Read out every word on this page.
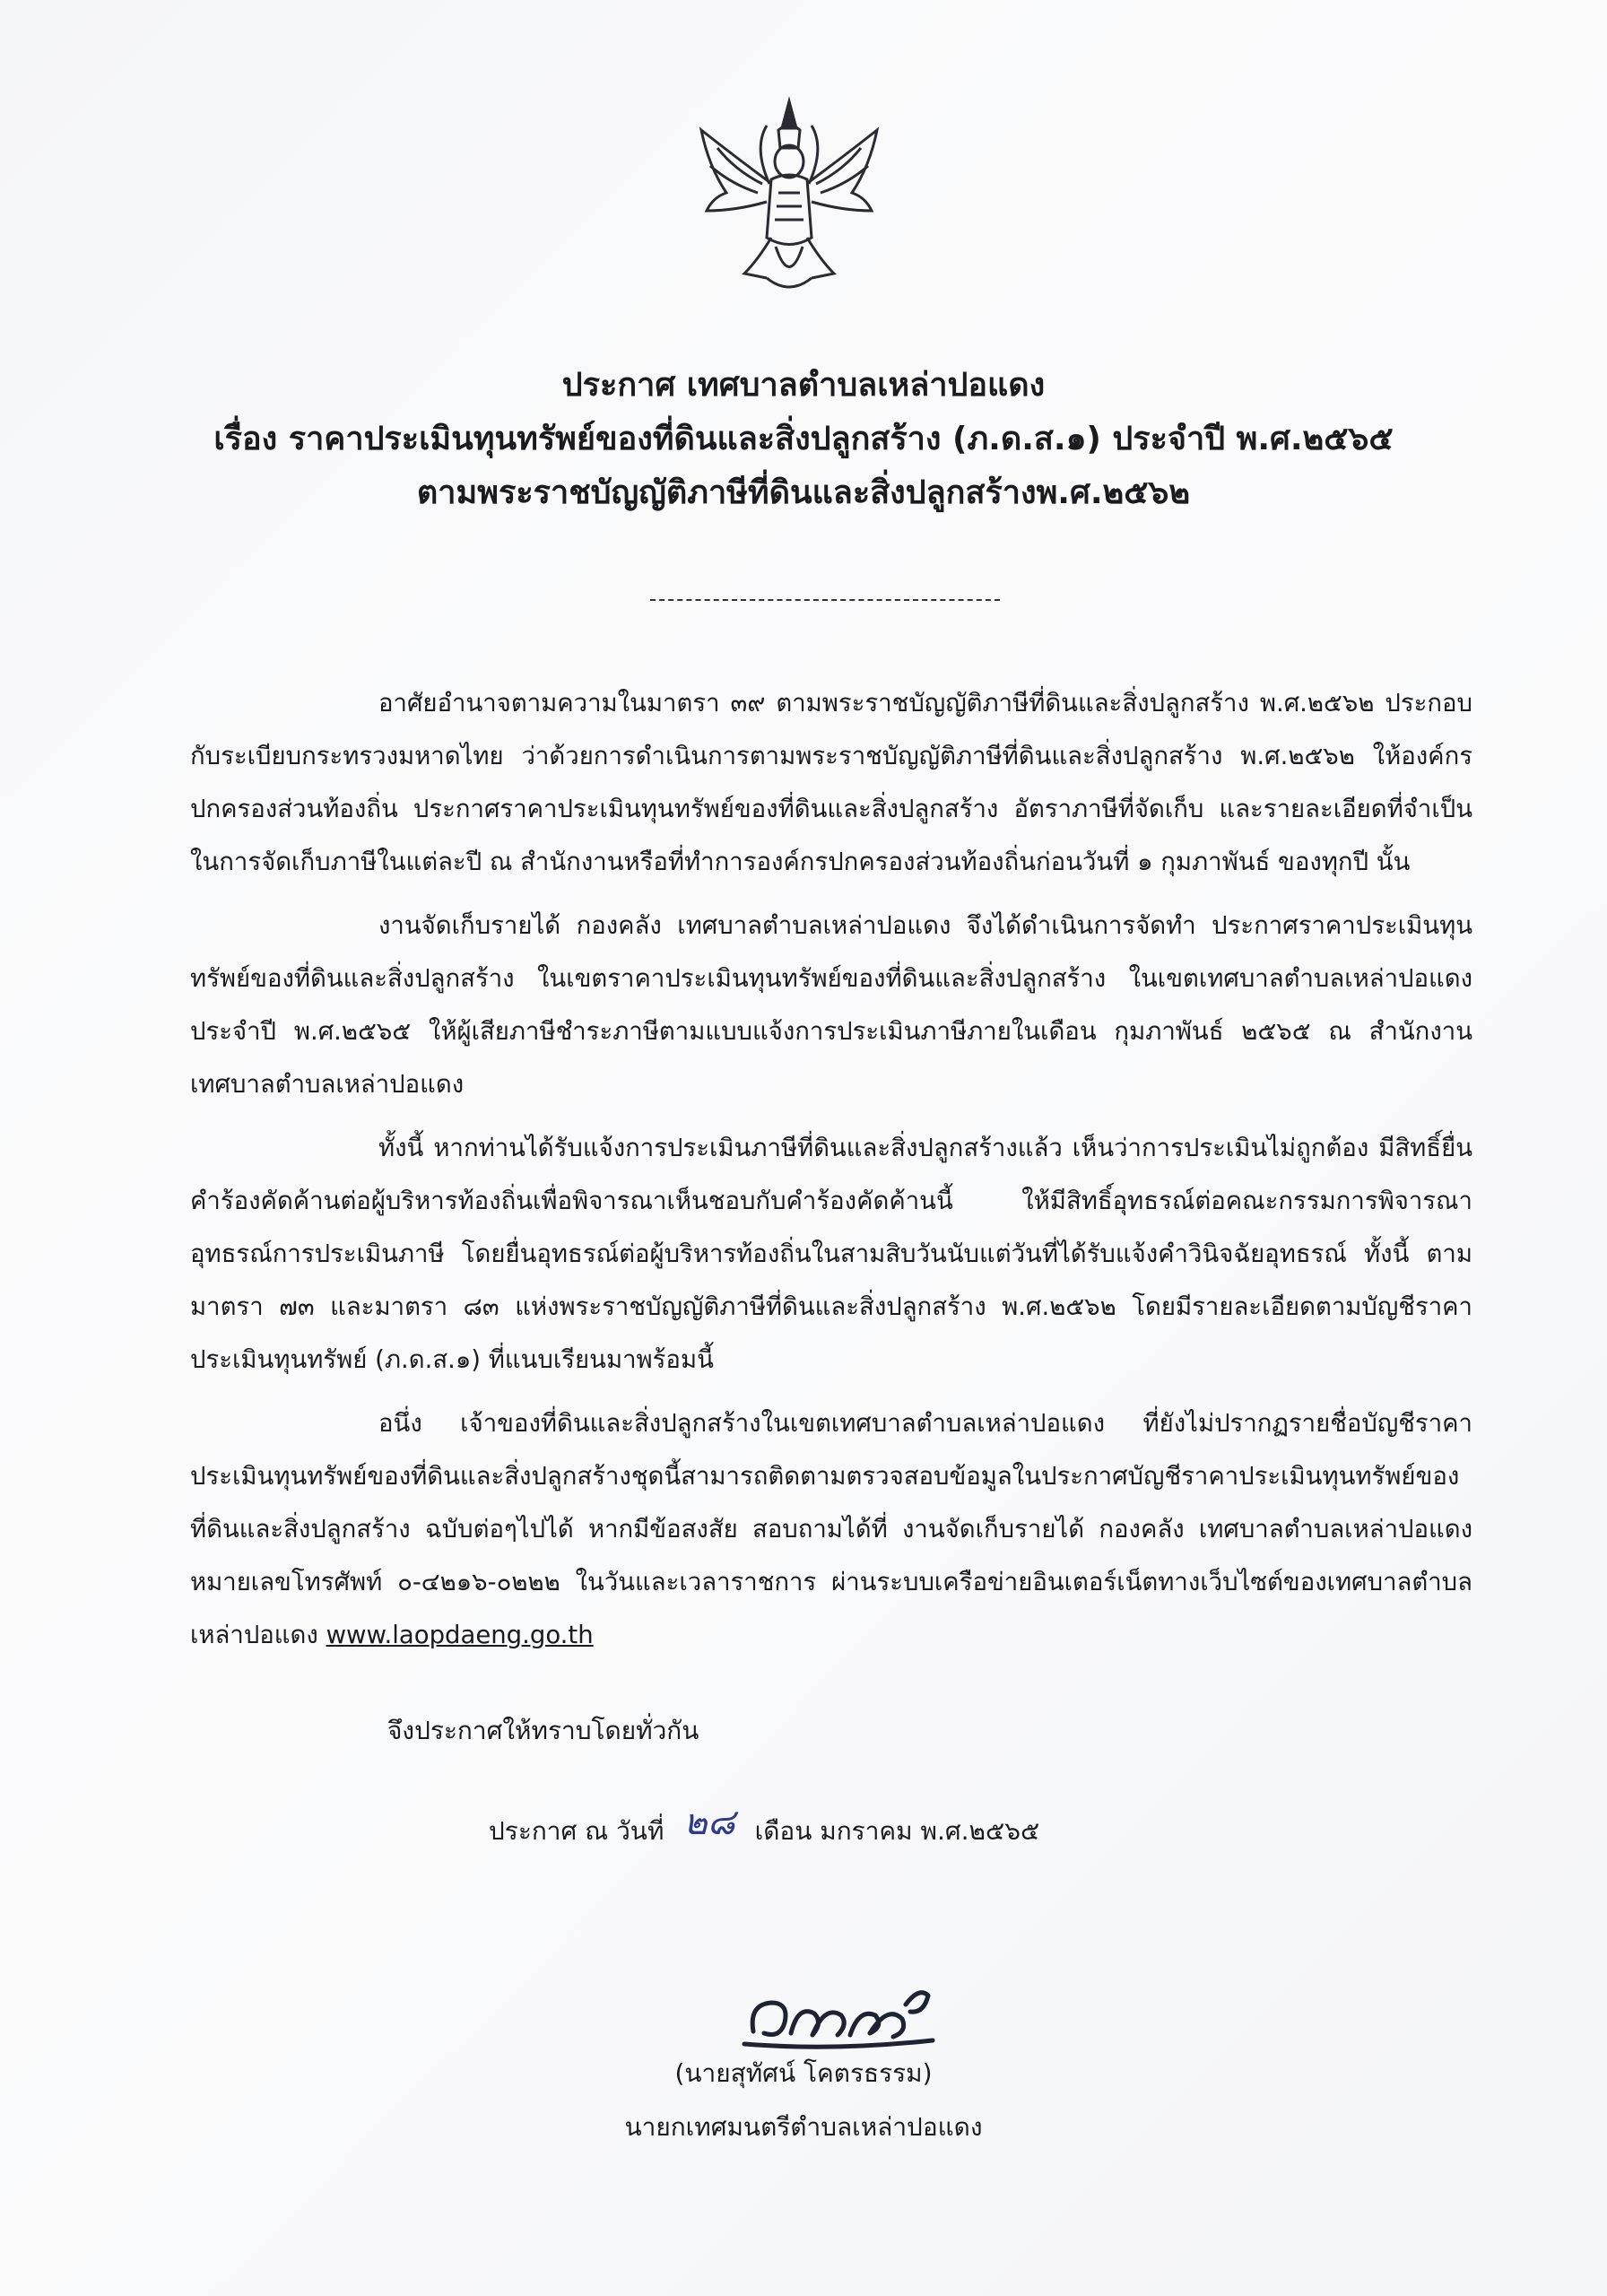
ประกาศ เทศบาลตำบลเหล่าปอแดง
เรื่อง ราคาประเมินทุนทรัพย์ของที่ดินและสิ่งปลูกสร้าง (ภ.ด.ส.๑) ประจำปี พ.ศ.๒๕๖๕
ตามพระราชบัญญัติภาษีที่ดินและสิ่งปลูกสร้างพ.ศ.๒๕๖๒

อาศัยอำนาจตามความในมาตรา ๓๙ ตามพระราชบัญญัติภาษีที่ดินและสิ่งปลูกสร้าง พ.ศ.๒๕๖๒ ประกอบกับระเบียบกระทรวงมหาดไทย ว่าด้วยการดำเนินการตามพระราชบัญญัติภาษีที่ดินและสิ่งปลูกสร้าง พ.ศ.๒๕๖๒ ให้องค์กรปกครองส่วนท้องถิ่น ประกาศราคาประเมินทุนทรัพย์ของที่ดินและสิ่งปลูกสร้าง อัตราภาษีที่จัดเก็บ และรายละเอียดที่จำเป็นในการจัดเก็บภาษีในแต่ละปี ณ สำนักงานหรือที่ทำการองค์กรปกครองส่วนท้องถิ่นก่อนวันที่ ๑ กุมภาพันธ์ ของทุกปี นั้น

งานจัดเก็บรายได้ กองคลัง เทศบาลตำบลเหล่าปอแดง จึงได้ดำเนินการจัดทำ ประกาศราคาประเมินทุนทรัพย์ของที่ดินและสิ่งปลูกสร้าง ในเขตราคาประเมินทุนทรัพย์ของที่ดินและสิ่งปลูกสร้าง ในเขตเทศบาลตำบลเหล่าปอแดง ประจำปี พ.ศ.๒๕๖๕ ให้ผู้เสียภาษีชำระภาษีตามแบบแจ้งการประเมินภาษีภายในเดือน กุมภาพันธ์ ๒๕๖๕ ณ สำนักงานเทศบาลตำบลเหล่าปอแดง

ทั้งนี้ หากท่านได้รับแจ้งการประเมินภาษีที่ดินและสิ่งปลูกสร้างแล้ว เห็นว่าการประเมินไม่ถูกต้อง มีสิทธิ์ยื่นคำร้องคัดค้านต่อผู้บริหารท้องถิ่นเพื่อพิจารณาเห็นชอบกับคำร้องคัดค้านนี้ ให้มีสิทธิ์อุทธรณ์ต่อคณะกรรมการพิจารณาอุทธรณ์การประเมินภาษี โดยยื่นอุทธรณ์ต่อผู้บริหารท้องถิ่นในสามสิบวันนับแต่วันที่ได้รับแจ้งคำวินิจฉัยอุทธรณ์ ทั้งนี้ ตามมาตรา ๗๓ และมาตรา ๘๓ แห่งพระราชบัญญัติภาษีที่ดินและสิ่งปลูกสร้าง พ.ศ.๒๕๖๒ โดยมีรายละเอียดตามบัญชีราคาประเมินทุนทรัพย์ (ภ.ด.ส.๑) ที่แนบเรียนมาพร้อมนี้

อนึ่ง เจ้าของที่ดินและสิ่งปลูกสร้างในเขตเทศบาลตำบลเหล่าปอแดง ที่ยังไม่ปรากฏรายชื่อบัญชีราคาประเมินทุนทรัพย์ของที่ดินและสิ่งปลูกสร้างชุดนี้สามารถติดตามตรวจสอบข้อมูลในประกาศบัญชีราคาประเมินทุนทรัพย์ของที่ดินและสิ่งปลูกสร้าง ฉบับต่อๆไปได้ หากมีข้อสงสัย สอบถามได้ที่ งานจัดเก็บรายได้ กองคลัง เทศบาลตำบลเหล่าปอแดง หมายเลขโทรศัพท์ ๐-๔๒๑๖-๐๒๒๒ ในวันและเวลาราชการ ผ่านระบบเครือข่ายอินเตอร์เน็ตทางเว็บไซต์ของเทศบาลตำบลเหล่าปอแดง www.laopdaeng.go.th

จึงประกาศให้ทราบโดยทั่วกัน
ประกาศ ณ วันที่ ๒๘ เดือน มกราคม พ.ศ.๒๕๖๕
(นายสุทัศน์ โคตรธรรม)
นายกเทศมนตรีตำบลเหล่าปอแดง
